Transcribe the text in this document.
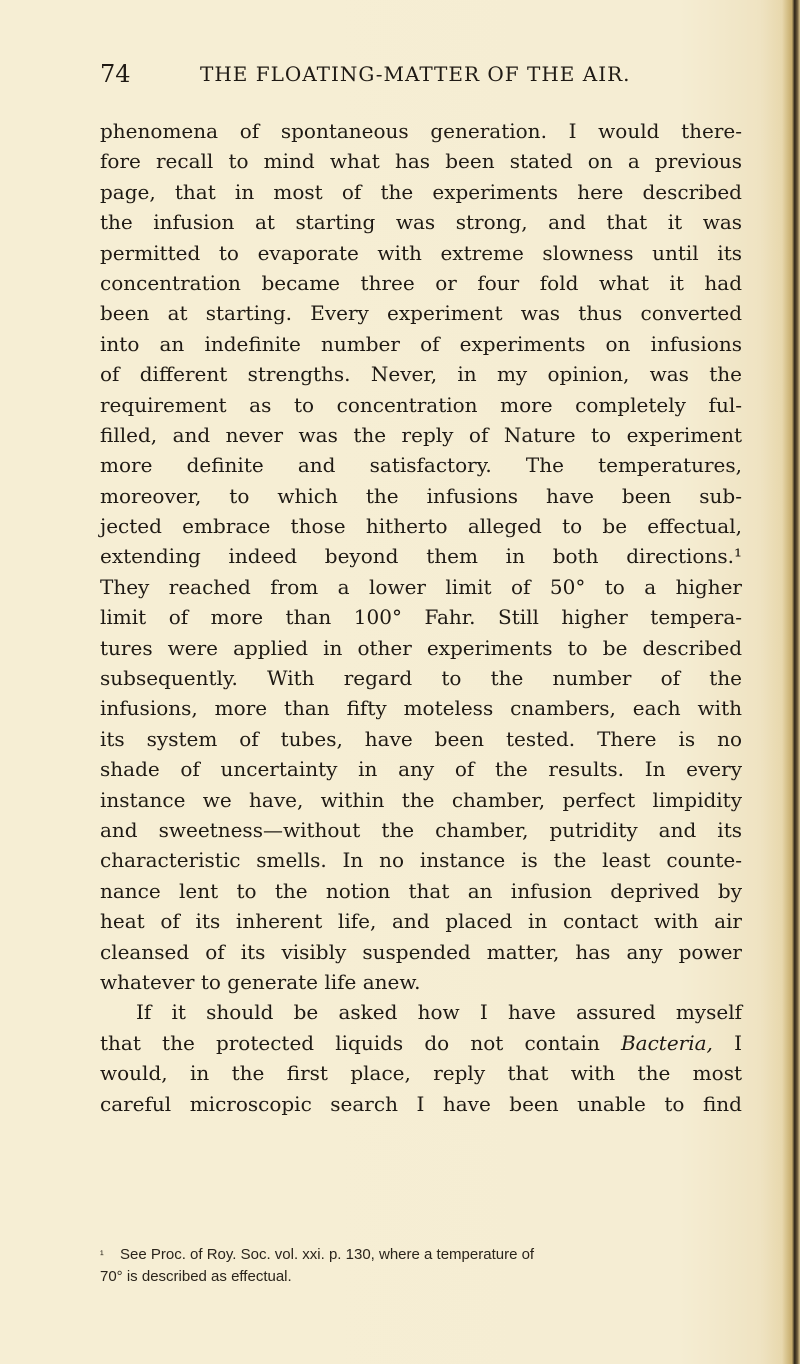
74	THE FLOATING-MATTER OF THE AIR.
phenomena of spontaneous generation. I would there-
fore recall to mind what has been stated on a previous
page, that in most of the experiments here described
the infusion at starting was strong, and that it was
permitted to evaporate with extreme slowness until its
concentration became three or four fold what it had
been at starting. Every experiment was thus converted
into an indefinite number of experiments on infusions
of different strengths. Never, in my opinion, was the
requirement as to concentration more completely ful-
filled, and never was the reply of Nature to experiment
more definite and satisfactory. The temperatures,
moreover, to which the infusions have been sub-
jected embrace those hitherto alleged to be effectual,
extending indeed beyond them in both directions.¹
They reached from a lower limit of 50° to a higher
limit of more than 100° Fahr. Still higher tempera-
tures were applied in other experiments to be described
subsequently. With regard to the number of the
infusions, more than fifty moteless cnambers, each with
its system of tubes, have been tested. There is no
shade of uncertainty in any of the results. In every
instance we have, within the chamber, perfect limpidity
and sweetness—without the chamber, putridity and its
characteristic smells. In no instance is the least counte-
nance lent to the notion that an infusion deprived by
heat of its inherent life, and placed in contact with air
cleansed of its visibly suspended matter, has any power
whatever to generate life anew.
If it should be asked how I have assured myself
that the protected liquids do not contain Bacteria, I
would, in the first place, reply that with the most
careful microscopic search I have been unable to find
¹ See Proc. of Roy. Soc. vol. xxi. p. 130, where a temperature of
70° is described as effectual.
